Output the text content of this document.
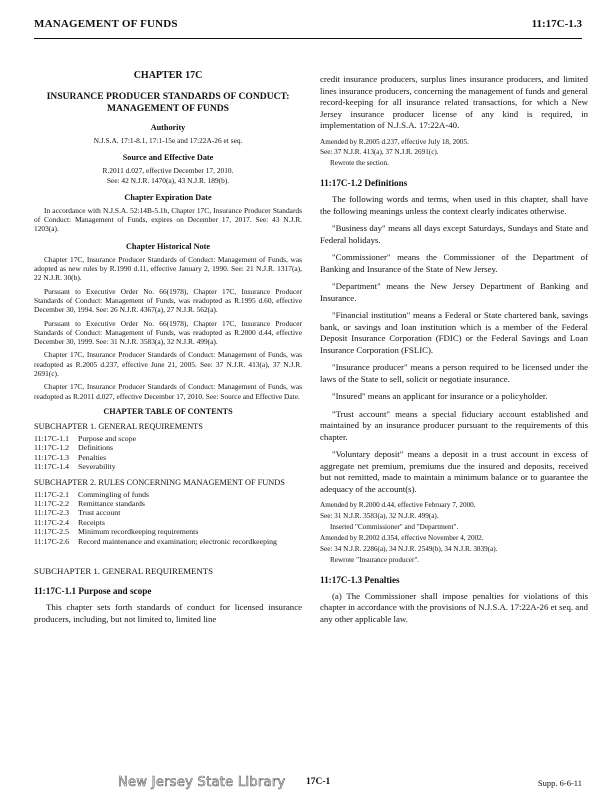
MANAGEMENT OF FUNDS	11:17C-1.3
CHAPTER 17C
INSURANCE PRODUCER STANDARDS OF CONDUCT: MANAGEMENT OF FUNDS
Authority
N.J.S.A. 17:1-8.1, 17:1-15e and 17:22A-26 et seq.
Source and Effective Date
R.2011 d.027, effective December 17, 2010.
See: 42 N.J.R. 1470(a), 43 N.J.R. 189(b).
Chapter Expiration Date
In accordance with N.J.S.A. 52:14B-5.1b, Chapter 17C, Insurance Producer Standards of Conduct: Management of Funds, expires on December 17, 2017. See: 43 N.J.R. 1203(a).
Chapter Historical Note
Chapter 17C, Insurance Producer Standards of Conduct: Management of Funds, was adopted as new rules by R.1990 d.11, effective January 2, 1990. See: 21 N.J.R. 1317(a), 22 N.J.R. 30(b).
Pursuant to Executive Order No. 66(1978), Chapter 17C, Insurance Producer Standards of Conduct: Management of Funds, was readopted as R.1995 d.60, effective December 30, 1994. See: 26 N.J.R. 4367(a), 27 N.J.R. 562(a).
Pursuant to Executive Order No. 66(1978), Chapter 17C, Insurance Producer Standards of Conduct: Management of Funds, was readopted as R.2000 d.44, effective December 30, 1999. See: 31 N.J.R. 3583(a), 32 N.J.R. 499(a).
Chapter 17C, Insurance Producer Standards of Conduct: Management of Funds, was readopted as R.2005 d.237, effective June 21, 2005. See: 37 N.J.R. 413(a), 37 N.J.R. 2691(c).
Chapter 17C, Insurance Producer Standards of Conduct: Management of Funds, was readopted as R.2011 d.027, effective December 17, 2010. See: Source and Effective Date.
CHAPTER TABLE OF CONTENTS
SUBCHAPTER 1. GENERAL REQUIREMENTS
11:17C-1.1	Purpose and scope
11:17C-1.2	Definitions
11:17C-1.3	Penalties
11:17C-1.4	Severability
SUBCHAPTER 2. RULES CONCERNING MANAGEMENT OF FUNDS
11:17C-2.1	Commingling of funds
11:17C-2.2	Remittance standards
11:17C-2.3	Trust account
11:17C-2.4	Receipts
11:17C-2.5	Minimum recordkeeping requirements
11:17C-2.6	Record maintenance and examination; electronic recordkeeping
SUBCHAPTER 1. GENERAL REQUIREMENTS
11:17C-1.1 Purpose and scope
This chapter sets forth standards of conduct for licensed insurance producers, including, but not limited to, limited line
credit insurance producers, surplus lines insurance producers, and limited lines insurance producers, concerning the management of funds and general record-keeping for all insurance related transactions, for which a New Jersey insurance producer license of any kind is required, in implementation of N.J.S.A. 17:22A-40.
Amended by R.2005 d.237, effective July 18, 2005.
See: 37 N.J.R. 413(a), 37 N.J.R. 2691(c).
Rewrote the section.
11:17C-1.2 Definitions
The following words and terms, when used in this chapter, shall have the following meanings unless the context clearly indicates otherwise.
"Business day" means all days except Saturdays, Sundays and State and Federal holidays.
"Commissioner" means the Commissioner of the Department of Banking and Insurance of the State of New Jersey.
"Department" means the New Jersey Department of Banking and Insurance.
"Financial institution" means a Federal or State chartered bank, savings bank, or savings and loan institution which is a member of the Federal Deposit Insurance Corporation (FDIC) or the Federal Savings and Loan Insurance Corporation (FSLIC).
"Insurance producer" means a person required to be licensed under the laws of the State to sell, solicit or negotiate insurance.
"Insured" means an applicant for insurance or a policyholder.
"Trust account" means a special fiduciary account established and maintained by an insurance producer pursuant to the requirements of this chapter.
"Voluntary deposit" means a deposit in a trust account in excess of aggregate net premium, premiums due the insured and deposits, received but not remitted, made to maintain a minimum balance or to guarantee the adequacy of the account(s).
Amended by R.2000 d.44, effective February 7, 2000.
See: 31 N.J.R. 3583(a), 32 N.J.R. 499(a).
Inserted "Commissioner" and "Department".
Amended by R.2002 d.354, effective November 4, 2002.
See: 34 N.J.R. 2286(a), 34 N.J.R. 2549(b), 34 N.J.R. 3839(a).
Rewrote "Insurance producer".
11:17C-1.3 Penalties
(a) The Commissioner shall impose penalties for violations of this chapter in accordance with the provisions of N.J.S.A. 17:22A-26 et seq. and any other applicable law.
New Jersey State Library 17C-1	Supp. 6-6-11
